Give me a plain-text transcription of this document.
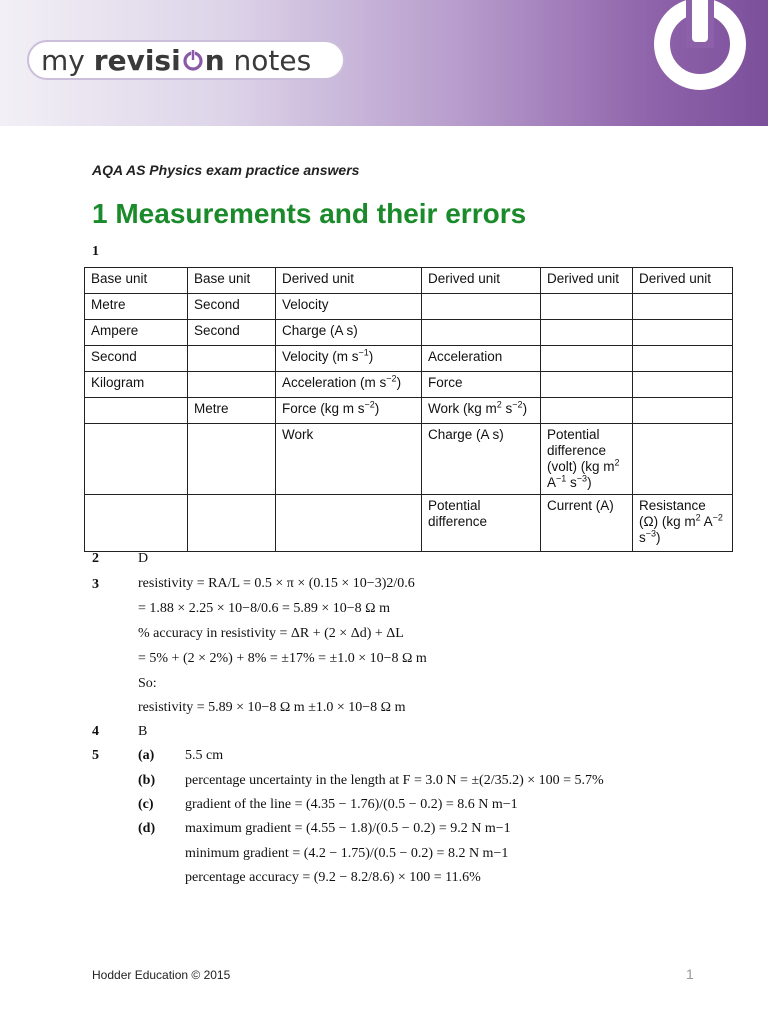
my revisi n notes
AQA AS Physics exam practice answers
1 Measurements and their errors
1
Base unit	Base unit	Derived unit	Derived unit	Derived unit	Derived unit
Metre	Second	Velocity			
Ampere	Second	Charge (A s)			
Second		Velocity (m $s^{-1}$)	Acceleration		
Kilogram		Acceleration (m $s^{-2}$)	Force		
	Metre	Force (kg m $s^{-2}$)	Work (kg $m^2$ $s^{-2}$)		
		Work	Charge (A s)	Potential difference (volt) (kg $m^2$ $A^{-1}$ $s^{-3}$)	
			Potential difference	Current (A)	Resistance (Ω) (kg $m^2$ $A^{-2}$ $s^{-3}$)
2	D
3	resistivity = RA/L = 0.5 × π × (0.15 × 10−3)2/0.6
= 1.88 × 2.25 × 10−8/0.6 = 5.89 × 10−8 Ω m
% accuracy in resistivity = ΔR + (2 × Δd) + ΔL
= 5% + (2 × 2%) + 8% = ±17% = ±1.0 × 10−8 Ω m
So:
resistivity = 5.89 × 10−8 Ω m ±1.0 × 10−8 Ω m
4	B
5	(a) 5.5 cm
(b) percentage uncertainty in the length at F = 3.0 N = ±(2/35.2) × 100 = 5.7%
(c) gradient of the line = (4.35 − 1.76)/(0.5 − 0.2) = 8.6 N m−1
(d) maximum gradient = (4.55 − 1.8)/(0.5 − 0.2) = 9.2 N m−1
minimum gradient = (4.2 − 1.75)/(0.5 − 0.2) = 8.2 N m−1
percentage accuracy = (9.2 − 8.2/8.6) × 100 = 11.6%
Hodder Education © 2015	1
